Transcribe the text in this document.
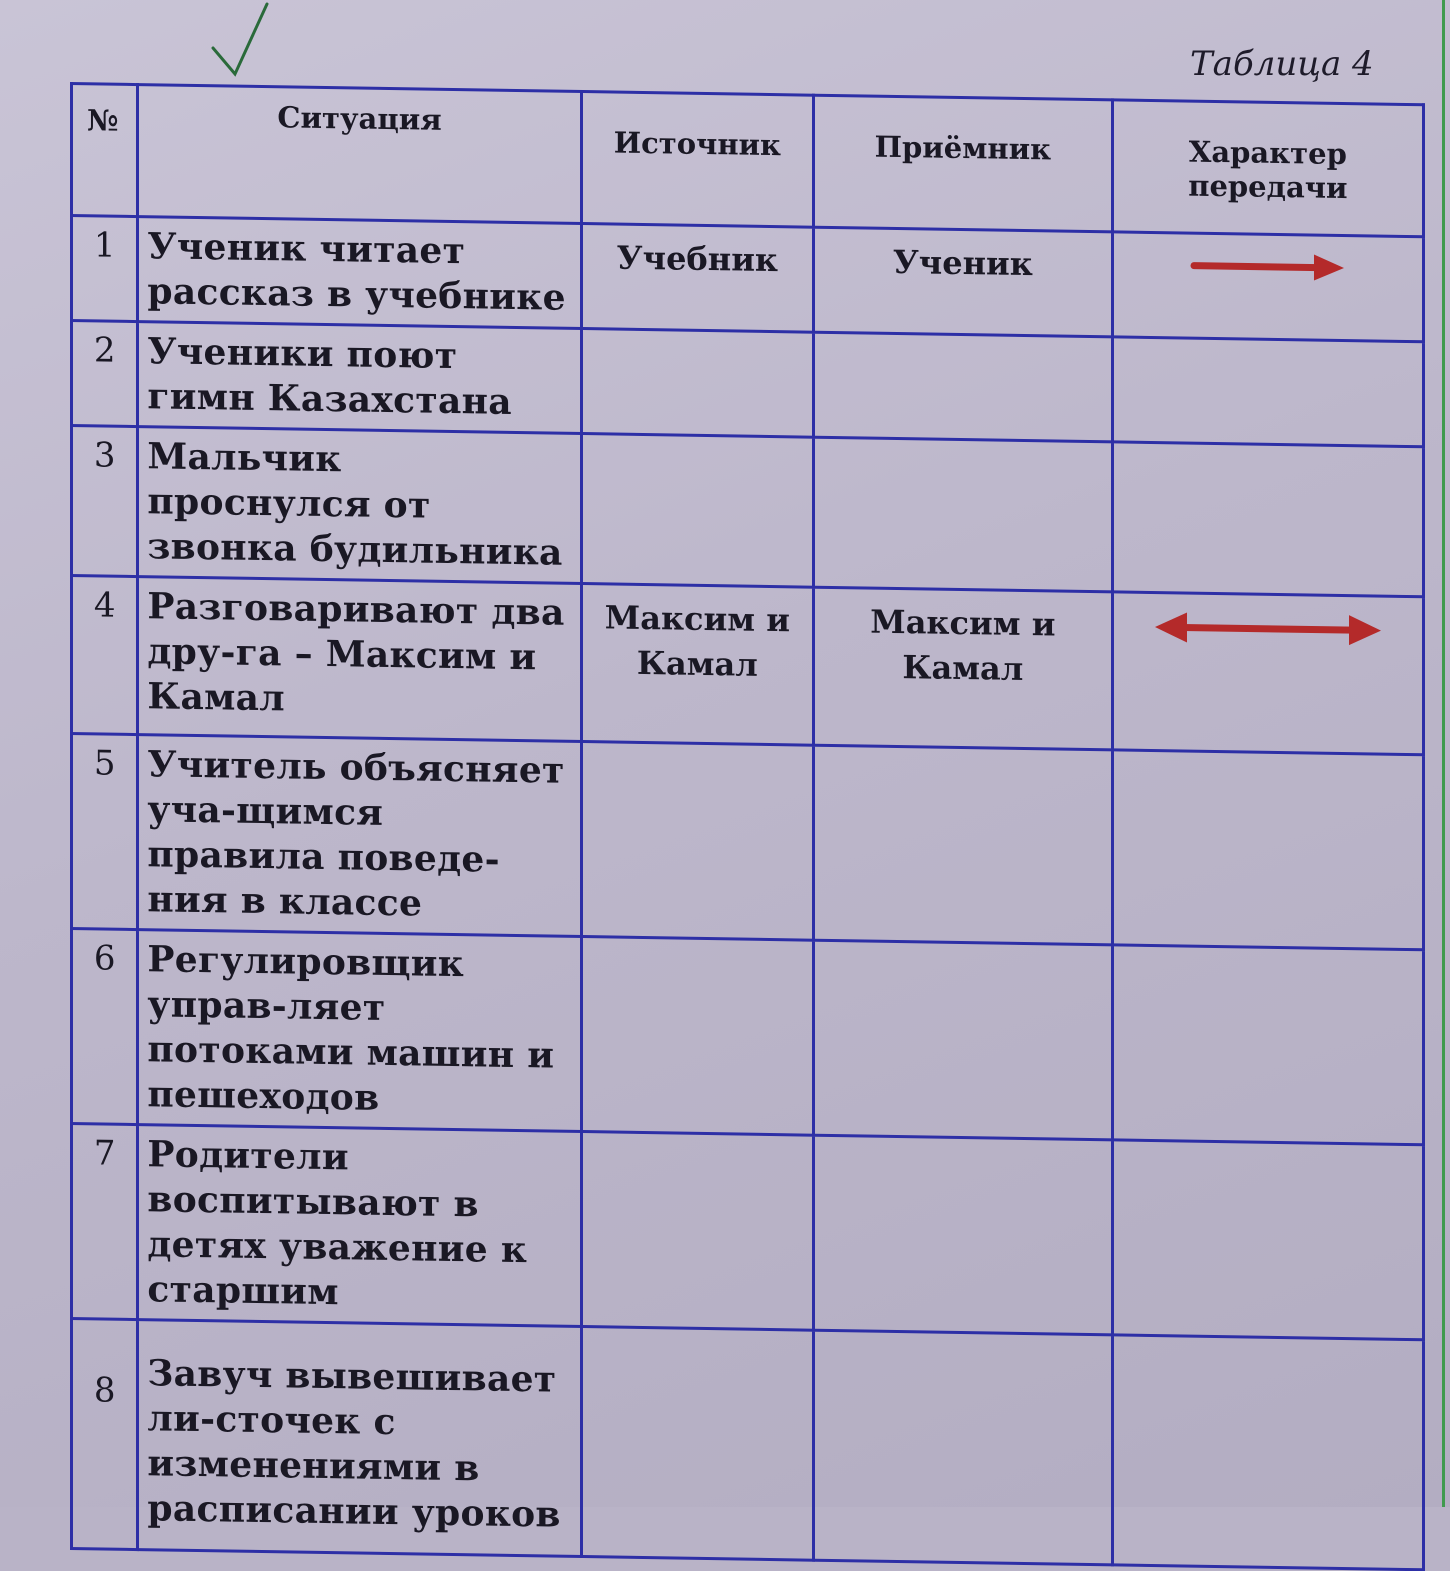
Таблица 4
№	Ситуация	Источник	Приёмник	Характер
передачи

1	Ученик читает рассказ в учебнике	Учебник	Ученик	

2	Ученики поют гимн Казахстана			
3	Мальчик проснулся от звонка будильника			
4	Разговаривают два дру-га – Максим и Камал	Максим и Камал	Максим и Камал	

5	Учитель объясняет уча-щимся правила поведе-ния в классе			
6	Регулировщик управ-ляет потоками машин и пешеходов			
7	Родители воспитывают в детях уважение к старшим			
8	Завуч вывешивает ли-сточек с изменениями в расписании уроков			
